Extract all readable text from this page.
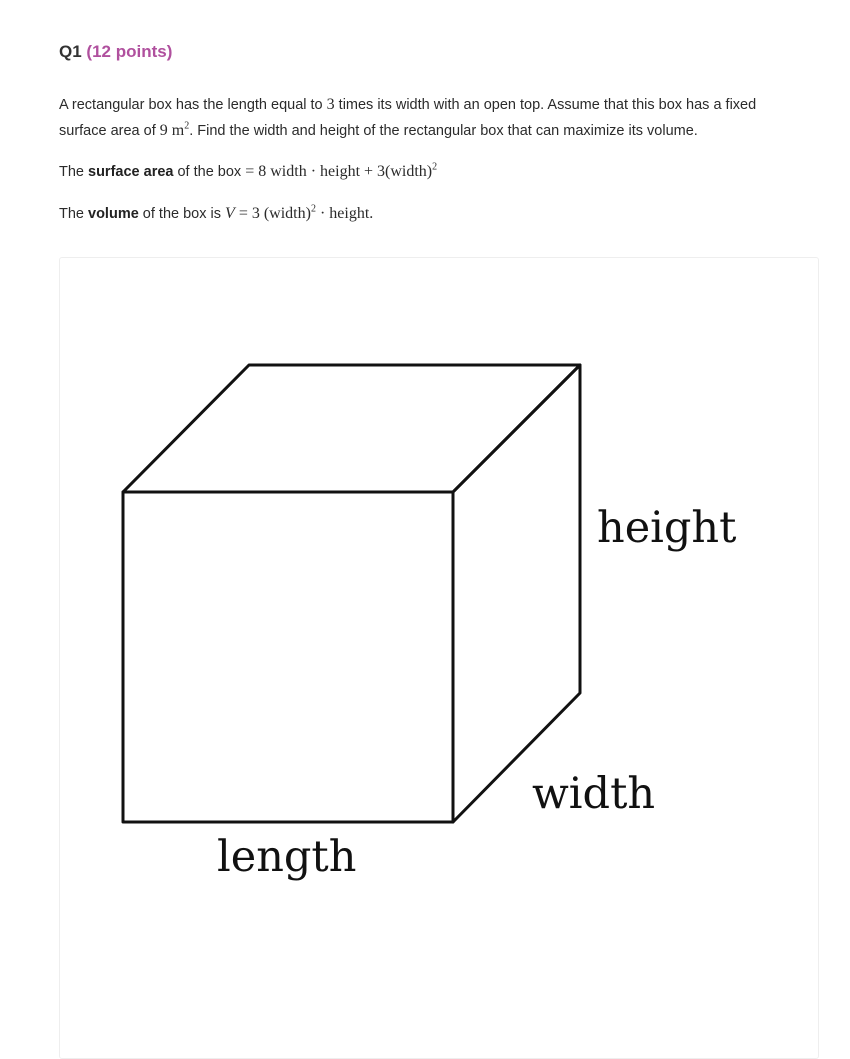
Q1 (12 points)

A rectangular box has the length equal to 3 times its width with an open top. Assume that this box has a fixed surface area of 9 $m^2$. Find the width and height of the rectangular box that can maximize its volume.

The surface area of the box = 8 width · height + 3(width)$^2$

The volume of the box is V = 3 (width)$^2$ · height.

height
width
length
